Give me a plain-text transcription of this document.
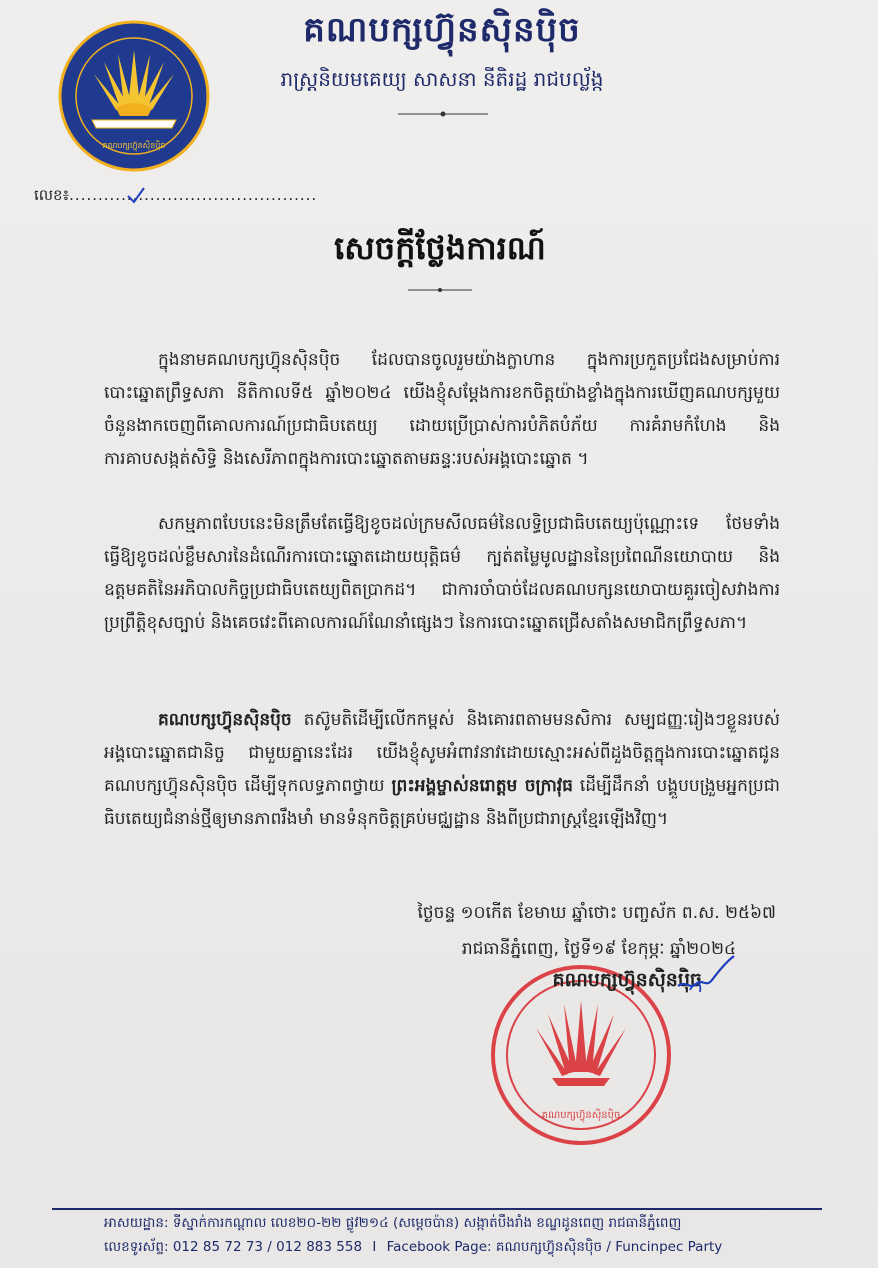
គណបក្សហ៊្វុនស៊ិនប៉ិច
គណបក្សហ៊្វុនស៊ិនប៉ិច
រាស្ត្រនិយមគេយ្យ សាសនា នីតិរដ្ឋ រាជបល្ល័ង្ក
លេខ៖...........................................
សេចក្តីថ្លែងការណ៍
ក្នុងនាមគណបក្សហ៊្វុនស៊ិនប៉ិច ដែលបានចូលរួមយ៉ាងក្លាហាន ក្នុងការប្រកួតប្រជែងសម្រាប់ការបោះឆ្នោតព្រឹទ្ធសភា នីតិកាលទី៥ ឆ្នាំ២០២៤ យើងខ្ញុំសម្តែងការខកចិត្តយ៉ាងខ្លាំងក្នុងការឃើញគណបក្សមួយចំនួនងាកចេញពីគោលការណ៍ប្រជាធិបតេយ្យ ដោយប្រើប្រាស់ការបំភិតបំភ័យ ការគំរាមកំហែង និងការគាបសង្កត់សិទ្ធិ និងសេរីភាពក្នុងការបោះឆ្នោតតាមឆន្ទៈរបស់អង្គបោះឆ្នោត ។
សកម្មភាពបែបនេះមិនត្រឹមតែធ្វើឱ្យខូចដល់ក្រមសីលធម៌នៃលទ្ធិប្រជាធិបតេយ្យប៉ុណ្ណោះទេ ថែមទាំងធ្វើឱ្យខូចដល់ខ្លឹមសារនៃដំណើរការបោះឆ្នោតដោយយុត្តិធម៌ ក្បត់តម្លៃមូលដ្ឋាននៃប្រពៃណីនយោបាយ និងឧត្តមគតិនៃអភិបាលកិច្ចប្រជាធិបតេយ្យពិតប្រាកដ។ ជាការចាំបាច់ដែលគណបក្សនយោបាយគួរចៀសវាងការប្រព្រឹត្តិខុសច្បាប់ និងគេចវេះពីគោលការណ៍ណែនាំផ្សេងៗ នៃការបោះឆ្នោតជ្រើសតាំងសមាជិកព្រឹទ្ធសភា។
គណបក្សហ៊្វុនស៊ិនប៉ិច តស៊ូមតិដើម្បីលើកកម្ពស់ និងគោរពតាមមនសិការ សម្បជញ្ញៈរៀងៗខ្លួនរបស់អង្គបោះឆ្នោតជានិច្ច ជាមួយគ្នានេះដែរ យើងខ្ញុំសូមអំពាវនាវដោយស្មោះអស់ពីដួងចិត្តក្នុងការបោះឆ្នោតជូន គណបក្សហ៊្វុនស៊ិនប៉ិច ដើម្បីទុកលទ្ធភាពថ្វាយ ព្រះអង្គម្ចាស់នរោត្តម ចក្រាវុធ ដើម្បីដឹកនាំ បង្គួបបង្រួមអ្នកប្រជាធិបតេយ្យជំនាន់ថ្មីឲ្យមានភាពរឹងមាំ មានទំនុកចិត្តគ្រប់មជ្ឈដ្ឋាន និងពីប្រជារាស្ត្រខ្មែរឡើងវិញ។
ថ្ងៃចន្ទ ១០កើត ខែមាឃ ឆ្នាំថោះ បញ្ចស័ក ព.ស. ២៥៦៧
រាជធានីភ្នំពេញ, ថ្ងៃទី១៩ ខែកុម្ភៈ ឆ្នាំ២០២៤
គណបក្សហ៊្វុនស៊ិនប៉ិច
គណបក្សហ៊្វុនស៊ិនប៉ិច
អាសយដ្ឋាន: ទីស្នាក់ការកណ្តាល លេខ២០-២២ ផ្លូវ២១៤ (សម្តេចប៉ាន) សង្កាត់បឹងរាំង ខណ្ឌដូនពេញ រាជធានីភ្នំពេញ
លេខទូរស័ព្ទ: 012 85 72 73 / 012 883 558 I Facebook Page: គណបក្សហ៊្វុនស៊ិនប៉ិច / Funcinpec Party
